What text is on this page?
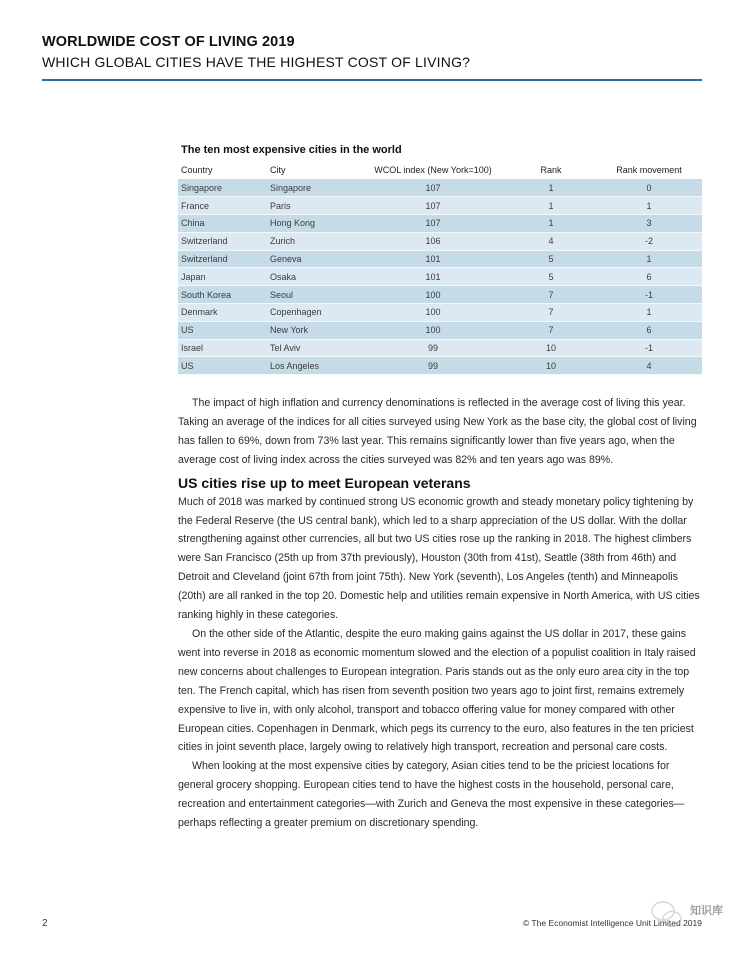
WORLDWIDE COST OF LIVING 2019
WHICH GLOBAL CITIES HAVE THE HIGHEST COST OF LIVING?
The ten most expensive cities in the world
Country	City	WCOL index (New York=100)	Rank	Rank movement
Singapore	Singapore	107	1	0
France	Paris	107	1	1
China	Hong Kong	107	1	3
Switzerland	Zurich	106	4	-2
Switzerland	Geneva	101	5	1
Japan	Osaka	101	5	6
South Korea	Seoul	100	7	-1
Denmark	Copenhagen	100	7	1
US	New York	100	7	6
Israel	Tel Aviv	99	10	-1
US	Los Angeles	99	10	4

The impact of high inflation and currency denominations is reflected in the average cost of living this year. Taking an average of the indices for all cities surveyed using New York as the base city, the global cost of living has fallen to 69%, down from 73% last year. This remains significantly lower than five years ago, when the average cost of living index across the cities surveyed was 82% and ten years ago was 89%.

US cities rise up to meet European veterans

Much of 2018 was marked by continued strong US economic growth and steady monetary policy tightening by the Federal Reserve (the US central bank), which led to a sharp appreciation of the US dollar. With the dollar strengthening against other currencies, all but two US cities rose up the ranking in 2018. The highest climbers were San Francisco (25th up from 37th previously), Houston (30th from 41st), Seattle (38th from 46th) and Detroit and Cleveland (joint 67th from joint 75th). New York (seventh), Los Angeles (tenth) and Minneapolis (20th) are all ranked in the top 20. Domestic help and utilities remain expensive in North America, with US cities ranking highly in these categories.

On the other side of the Atlantic, despite the euro making gains against the US dollar in 2017, these gains went into reverse in 2018 as economic momentum slowed and the election of a populist coalition in Italy raised new concerns about challenges to European integration. Paris stands out as the only euro area city in the top ten. The French capital, which has risen from seventh position two years ago to joint first, remains extremely expensive to live in, with only alcohol, transport and tobacco offering value for money compared with other European cities. Copenhagen in Denmark, which pegs its currency to the euro, also features in the ten priciest cities in joint seventh place, largely owing to relatively high transport, recreation and personal care costs.

When looking at the most expensive cities by category, Asian cities tend to be the priciest locations for general grocery shopping. European cities tend to have the highest costs in the household, personal care, recreation and entertainment categories—with Zurich and Geneva the most expensive in these categories—perhaps reflecting a greater premium on discretionary spending.

2	© The Economist Intelligence Unit Limited 2019
知识库
